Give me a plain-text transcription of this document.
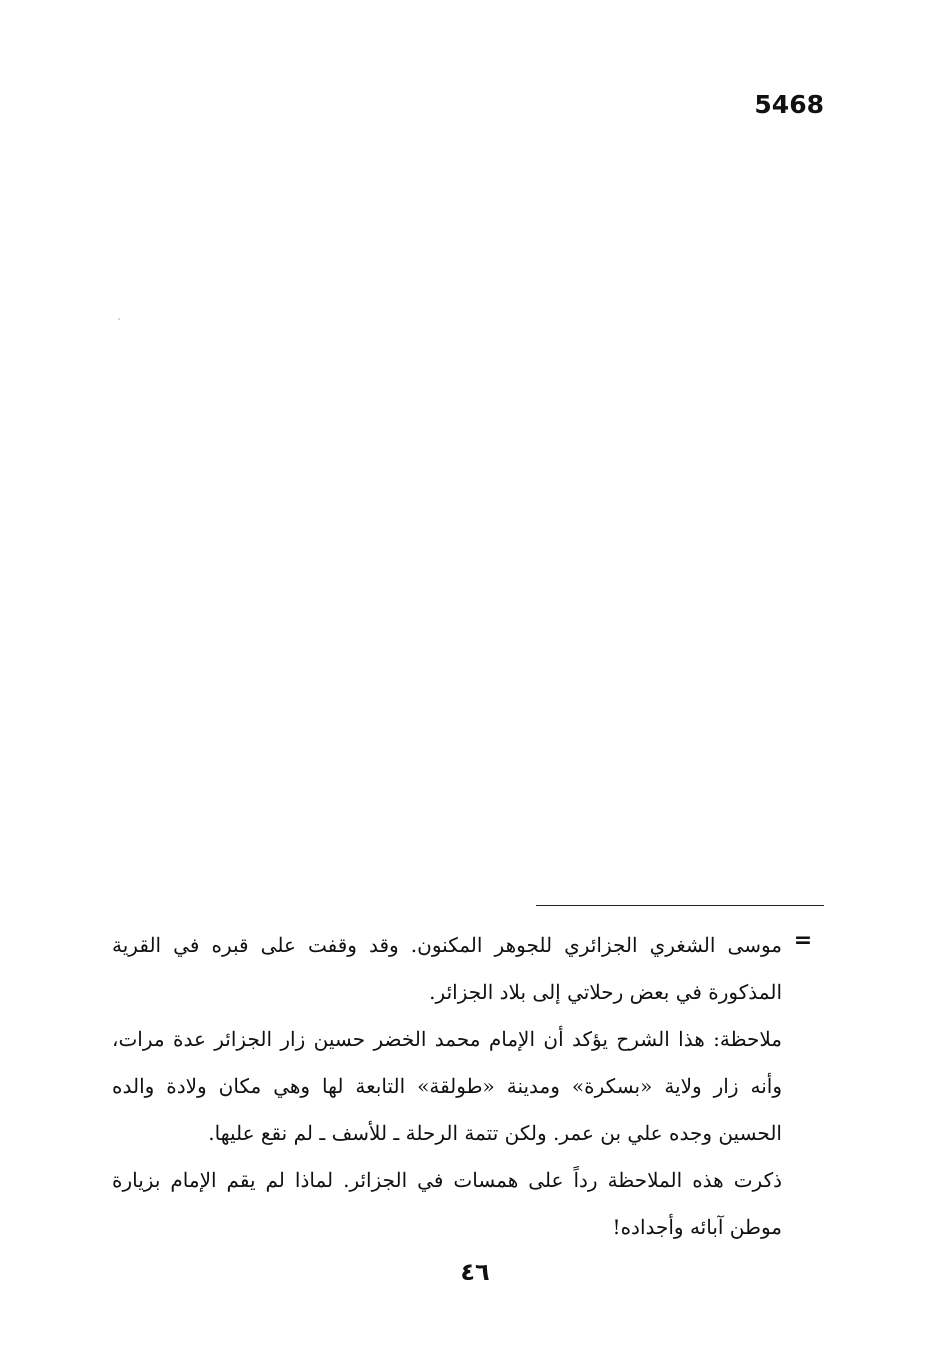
5468
=

موسى الشغري الجزائري للجوهر المكنون. وقد وقفت على قبره في القرية المذكورة في بعض رحلاتي إلى بلاد الجزائر.

ملاحظة: هذا الشرح يؤكد أن الإمام محمد الخضر حسين زار الجزائر عدة مرات، وأنه زار ولاية «بسكرة» ومدينة «طولقة» التابعة لها وهي مكان ولادة والده الحسين وجده علي بن عمر. ولكن تتمة الرحلة ـ للأسف ـ لم نقع عليها.

ذكرت هذه الملاحظة رداً على همسات في الجزائر. لماذا لم يقم الإمام بزيارة موطن آبائه وأجداده!

٤٦
